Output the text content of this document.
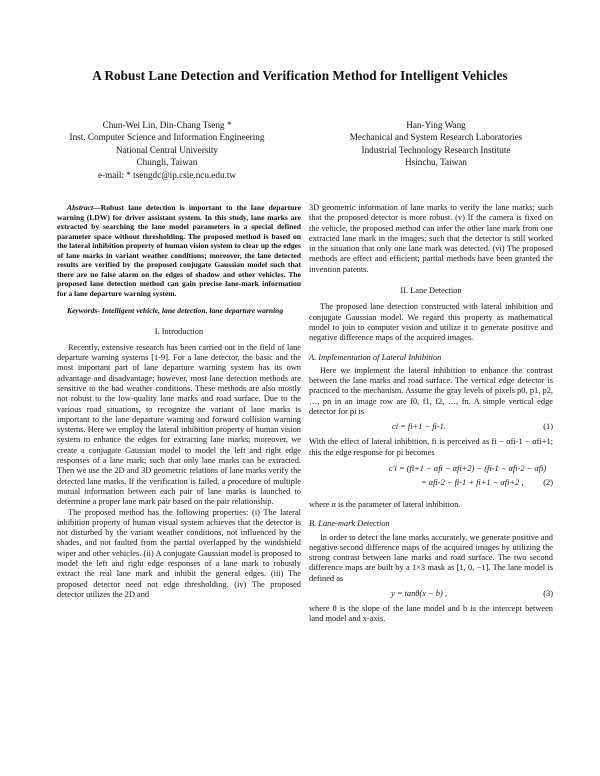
A Robust Lane Detection and Verification Method for Intelligent Vehicles
Chun-Wei Lin, Din-Chang Tseng *
Inst. Computer Science and Information Engineering
National Central University
Chungli, Taiwan
e-mail: * tsengdc@ip.csie.ncu.edu.tw
Han-Ying Wang
Mechanical and System Research Laboratories
Industrial Technology Research Institute
Hsinchu, Taiwan

Abstract—Robust lane detection is important to the lane departure warning (LDW) for driver assistant system. In this study, lane marks are extracted by searching the lane model parameters in a special defined parameter space without thresholding. The proposed method is based on the lateral inhibition property of human vision system to clear up the edges of lane marks in variant weather conditions; moreover, the lane detected results are verified by the proposed conjugate Gaussian model such that there are no false alarm on the edges of shadow and other vehicles. The proposed lane detection method can gain precise lane-mark information for a lane departure warning system.

Keywords- Intelligent vehicle, lane detection, lane departure warning

I. Introduction

Recently, extensive research has been carried out in the field of lane departure warning systems [1-9]. For a lane detector, the basic and the most important part of lane departure warning system has its own advantage and disadvantage; however, most lane detection methods are sensitive to the bad weather conditions. These methods are also mostly not robust to the low-quality lane marks and road surface. Due to the various road situations, to recognize the variant of lane marks is important to the lane departure warning and forward collision warning systems. Here we employ the lateral inhibition property of human vision system to enhance the edges for extracting lane marks; moreover, we create a conjugate Gaussian model to model the left and right edge responses of a lane mark; such that only lane marks can be extracted. Then we use the 2D and 3D geometric relations of lane marks verify the detected lane marks. If the verification is failed, a procedure of multiple mutual information between each pair of lane marks is launched to determine a proper lane mark pair based on the pair relationship.

The proposed method has the following properties: (i) The lateral inhibition property of human visual system achieves that the detector is not disturbed by the variant weather conditions, not influenced by the shades, and not faulted from the partial overlapped by the windshield wiper and other vehicles. (ii) A conjugate Gaussian model is proposed to model the left and right edge responses of a lane mark to robustly extract the real lane mark and inhibit the general edges. (iii) The proposed detector need not edge thresholding. (iv) The proposed detector utilizes the 2D and

3D geometric information of lane marks to verify the lane marks; such that the proposed detector is more robust. (v) If the camera is fixed on the vehicle, the proposed method can infer the other lane mark from one extracted lane mark in the images; such that the detector is still worked in the situation that only one lane mark was detected. (vi) The proposed methods are effect and efficient; partial methods have been granted the invention patents.

II. Lane Detection

The proposed lane detection constructed with lateral inhibition and conjugate Gaussian model. We regard this property as mathematical model to join to computer vision and utilize it to generate positive and negative difference maps of the acquired images.

A. Implementation of Lateral Inhibition

Here we implement the lateral inhibition to enhance the contrast between the lane marks and road surface. The vertical edge detector is practiced to the mechanism. Assume the gray levels of pixels p0, p1, p2, …, pn in an image row are f0, f1, f2, …, fn. A simple vertical edge detector for pi is

ci = fi+1 − fi-1.	(1)

With the effect of lateral inhibition, fi is perceived as fi − αfi-1 − αfi+1; this the edge response for pi becomes

c′i = (fi+1 − αfi − αfi+2) − (fi-1 − αfi-2 − αfi)
= αfi-2 − fi-1 + fi+1 − αfi+2 , (2)

where α is the parameter of lateral inhibition.

B. Lane-mark Detection

In order to detect the lane marks accurately, we generate positive and negative second difference maps of the acquired images by utilizing the strong contrast between lane marks and road surface. The two second difference maps are built by a 1×3 mask as [1, 0, −1]. The lane model is defined as

y = tanθ(x − b) ,	(3)

where θ is the slope of the lane model and b is the intercept between land model and x-axis.
